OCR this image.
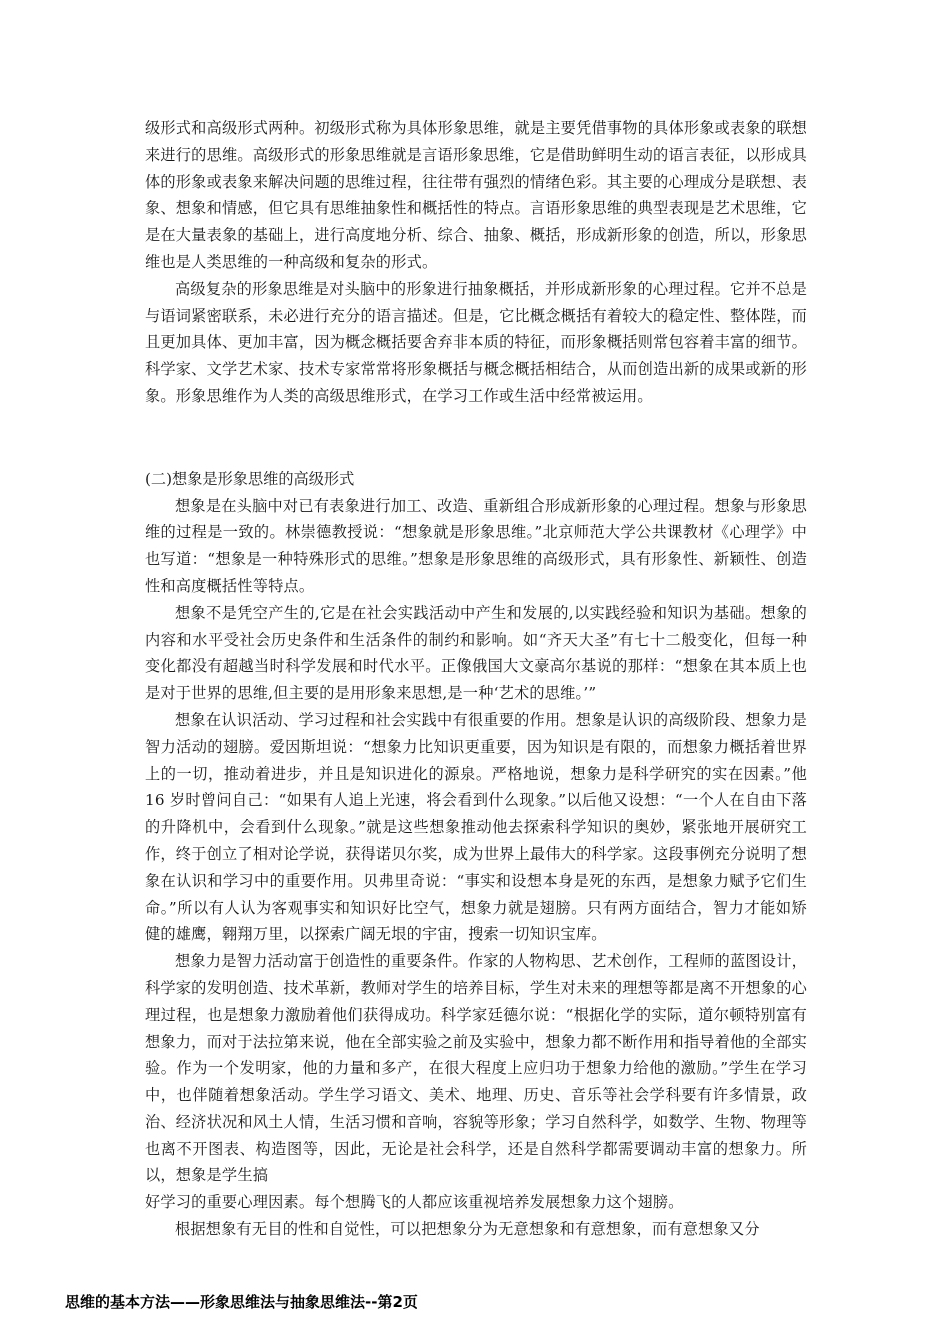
级形式和高级形式两种。初级形式称为具体形象思维，就是主要凭借事物的具体形象或表象的联想来进行的思维。高级形式的形象思维就是言语形象思维，它是借助鲜明生动的语言表征，以形成具体的形象或表象来解决问题的思维过程，往往带有强烈的情绪色彩。其主要的心理成分是联想、表象、想象和情感，但它具有思维抽象性和概括性的特点。言语形象思维的典型表现是艺术思维，它是在大量表象的基础上，进行高度地分析、综合、抽象、概括，形成新形象的创造，所以，形象思维也是人类思维的一种高级和复杂的形式。

高级复杂的形象思维是对头脑中的形象进行抽象概括，并形成新形象的心理过程。它并不总是与语词紧密联系，未必进行充分的语言描述。但是，它比概念概括有着较大的稳定性、整体陛，而且更加具体、更加丰富，因为概念概括要舍弃非本质的特征，而形象概括则常包容着丰富的细节。科学家、文学艺术家、技术专家常常将形象概括与概念概括相结合，从而创造出新的成果或新的形象。形象思维作为人类的高级思维形式，在学习工作或生活中经常被运用。

(二)想象是形象思维的高级形式

想象是在头脑中对已有表象进行加工、改造、重新组合形成新形象的心理过程。想象与形象思维的过程是一致的。林崇德教授说：“想象就是形象思维。”北京师范大学公共课教材《心理学》中也写道：“想象是一种特殊形式的思维。”想象是形象思维的高级形式，具有形象性、新颖性、创造性和高度概括性等特点。

想象不是凭空产生的,它是在社会实践活动中产生和发展的,以实践经验和知识为基础。想象的内容和水平受社会历史条件和生活条件的制约和影响。如“齐天大圣”有七十二般变化，但每一种变化都没有超越当时科学发展和时代水平。正像俄国大文豪高尔基说的那样：“想象在其本质上也是对于世界的思维,但主要的是用形象来思想,是一种‘艺术的思维。’”

想象在认识活动、学习过程和社会实践中有很重要的作用。想象是认识的高级阶段、想象力是智力活动的翅膀。爱因斯坦说：“想象力比知识更重要，因为知识是有限的，而想象力概括着世界上的一切，推动着进步，并且是知识进化的源泉。严格地说，想象力是科学研究的实在因素。”他 16 岁时曾问自己：“如果有人追上光速，将会看到什么现象。”以后他又设想：“一个人在自由下落的升降机中，会看到什么现象。”就是这些想象推动他去探索科学知识的奥妙，紧张地开展研究工作，终于创立了相对论学说，获得诺贝尔奖，成为世界上最伟大的科学家。这段事例充分说明了想象在认识和学习中的重要作用。贝弗里奇说：“事实和设想本身是死的东西，是想象力赋予它们生命。”所以有人认为客观事实和知识好比空气，想象力就是翅膀。只有两方面结合，智力才能如矫健的雄鹰，翱翔万里，以探索广阔无垠的宇宙，搜索一切知识宝库。

想象力是智力活动富于创造性的重要条件。作家的人物构思、艺术创作，工程师的蓝图设计，科学家的发明创造、技术革新，教师对学生的培养目标，学生对未来的理想等都是离不开想象的心理过程，也是想象力激励着他们获得成功。科学家廷德尔说：“根据化学的实际，道尔顿特别富有想象力，而对于法拉第来说，他在全部实验之前及实验中，想象力都不断作用和指导着他的全部实验。作为一个发明家，他的力量和多产，在很大程度上应归功于想象力给他的激励。”学生在学习中，也伴随着想象活动。学生学习语文、美术、地理、历史、音乐等社会学科要有许多情景，政治、经济状况和风土人情，生活习惯和音响，容貌等形象；学习自然科学，如数学、生物、物理等也离不开图表、构造图等，因此，无论是社会科学，还是自然科学都需要调动丰富的想象力。所以，想象是学生搞

好学习的重要心理因素。每个想腾飞的人都应该重视培养发展想象力这个翅膀。

根据想象有无目的性和自觉性，可以把想象分为无意想象和有意想象，而有意想象又分

思维的基本方法——形象思维法与抽象思维法--第2页
